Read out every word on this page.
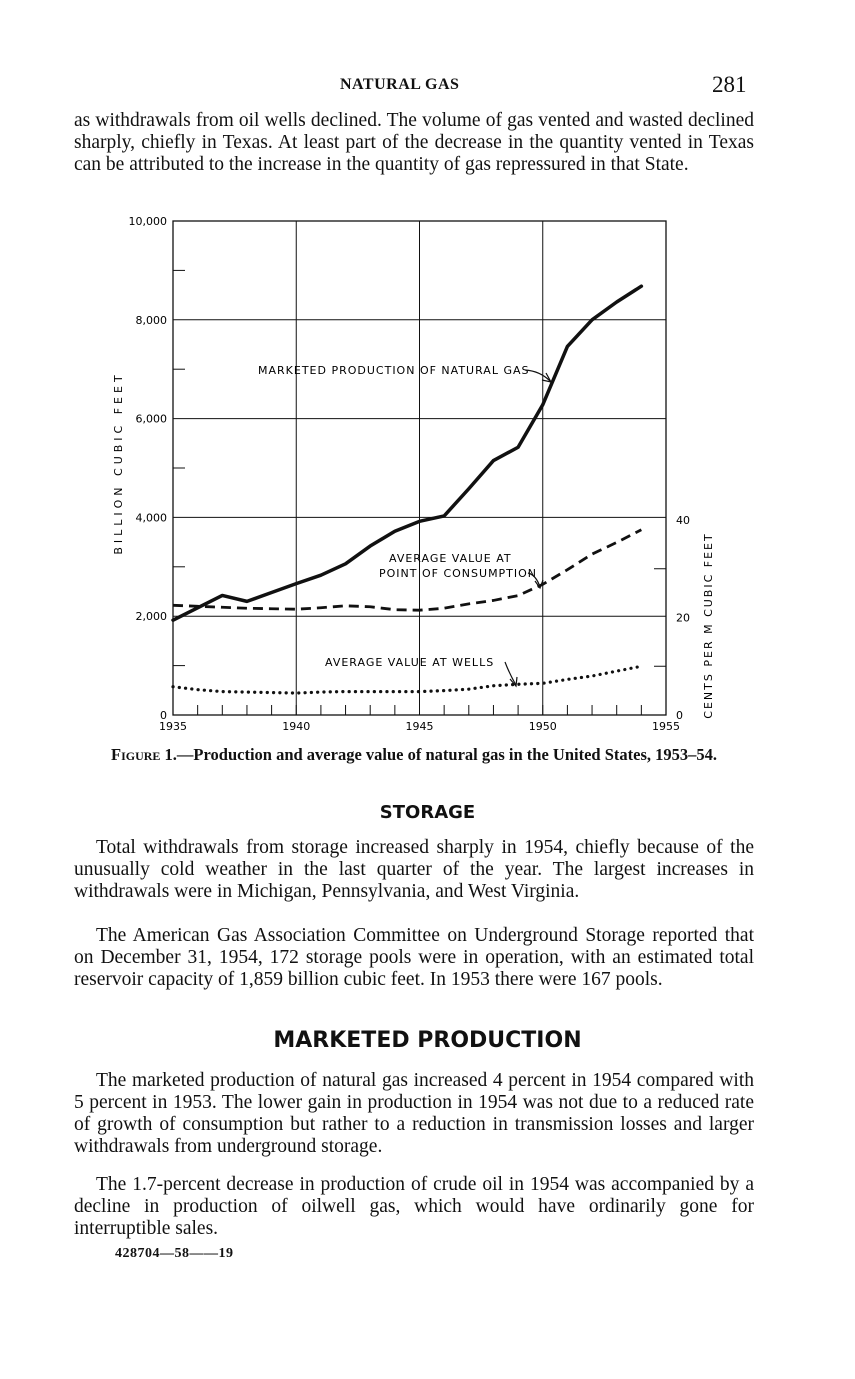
NATURAL GAS	281

as withdrawals from oil wells declined. The volume of gas vented and wasted declined sharply, chiefly in Texas. At least part of the decrease in the quantity vented in Texas can be attributed to the increase in the quantity of gas repressured in that State.

0
2,000
4,000
6,000
8,000
10,000
0
20
40
1935	1940	1945	1950	1955
BILLION CUBIC FEET
CENTS PER M CUBIC FEET
MARKETED PRODUCTION OF NATURAL GAS
AVERAGE VALUE AT
POINT OF CONSUMPTION
AVERAGE VALUE AT WELLS
Figure 1.—Production and average value of natural gas in the United States, 1953–54.
STORAGE

Total withdrawals from storage increased sharply in 1954, chiefly because of the unusually cold weather in the last quarter of the year. The largest increases in withdrawals were in Michigan, Pennsylvania, and West Virginia.

The American Gas Association Committee on Underground Storage reported that on December 31, 1954, 172 storage pools were in operation, with an estimated total reservoir capacity of 1,859 billion cubic feet. In 1953 there were 167 pools.

MARKETED PRODUCTION

The marketed production of natural gas increased 4 percent in 1954 compared with 5 percent in 1953. The lower gain in production in 1954 was not due to a reduced rate of growth of consumption but rather to a reduction in transmission losses and larger withdrawals from underground storage.

The 1.7-percent decrease in production of crude oil in 1954 was accompanied by a decline in production of oilwell gas, which would have ordinarily gone for interruptible sales.

428704—58——19
